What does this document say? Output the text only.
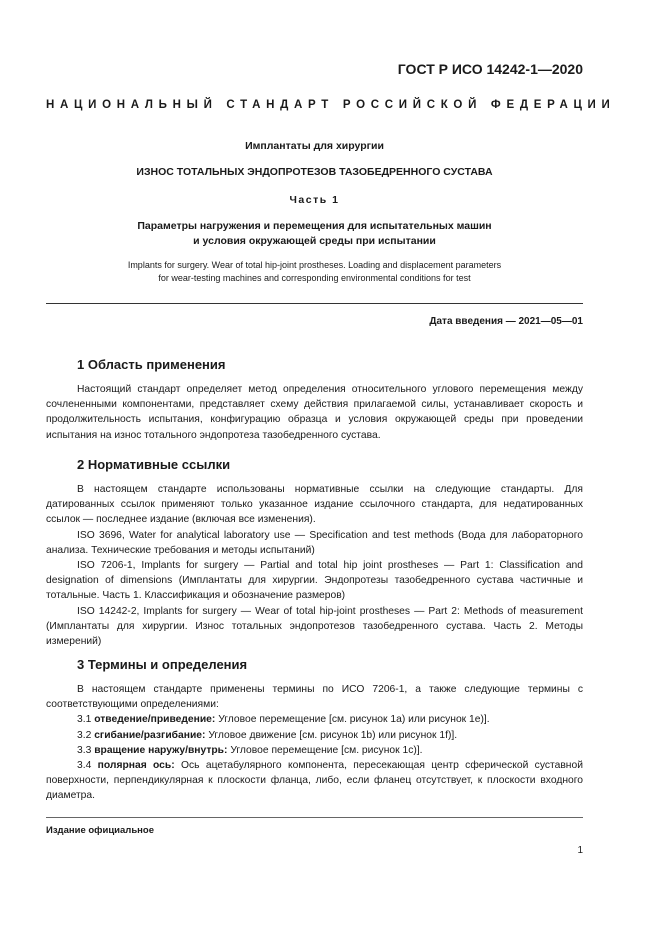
ГОСТ Р ИСО 14242-1—2020
НАЦИОНАЛЬНЫЙ СТАНДАРТ РОССИЙСКОЙ ФЕДЕРАЦИИ
Имплантаты для хирургии
ИЗНОС ТОТАЛЬНЫХ ЭНДОПРОТЕЗОВ ТАЗОБЕДРЕННОГО СУСТАВА
Часть 1
Параметры нагружения и перемещения для испытательных машин
и условия окружающей среды при испытании
Implants for surgery. Wear of total hip-joint prostheses. Loading and displacement parameters
for wear-testing machines and corresponding environmental conditions for test
Дата введения — 2021—05—01
1 Область применения

Настоящий стандарт определяет метод определения относительного углового перемещения между сочлененными компонентами, представляет схему действия прилагаемой силы, устанавливает скорость и продолжительность испытания, конфигурацию образца и условия окружающей среды при проведении испытания на износ тотального эндопротеза тазобедренного сустава.

2 Нормативные ссылки

В настоящем стандарте использованы нормативные ссылки на следующие стандарты. Для датированных ссылок применяют только указанное издание ссылочного стандарта, для недатированных ссылок — последнее издание (включая все изменения).

ISO 3696, Water for analytical laboratory use — Specification and test methods (Вода для лабораторного анализа. Технические требования и методы испытаний)

ISO 7206-1, Implants for surgery — Partial and total hip joint prostheses — Part 1: Classification and designation of dimensions (Имплантаты для хирургии. Эндопротезы тазобедренного сустава частичные и тотальные. Часть 1. Классификация и обозначение размеров)

ISO 14242-2, Implants for surgery — Wear of total hip-joint prostheses — Part 2: Methods of measurement (Имплантаты для хирургии. Износ тотальных эндопротезов тазобедренного сустава. Часть 2. Методы измерений)

3 Термины и определения

В настоящем стандарте применены термины по ИСО 7206-1, а также следующие термины с соответствующими определениями:

3.1 отведение/приведение: Угловое перемещение [см. рисунок 1a) или рисунок 1e)].

3.2 сгибание/разгибание: Угловое движение [см. рисунок 1b) или рисунок 1f)].

3.3 вращение наружу/внутрь: Угловое перемещение [см. рисунок 1c)].

3.4 полярная ось: Ось ацетабулярного компонента, пересекающая центр сферической суставной поверхности, перпендикулярная к плоскости фланца, либо, если фланец отсутствует, к плоскости входного диаметра.

Издание официальное
1
